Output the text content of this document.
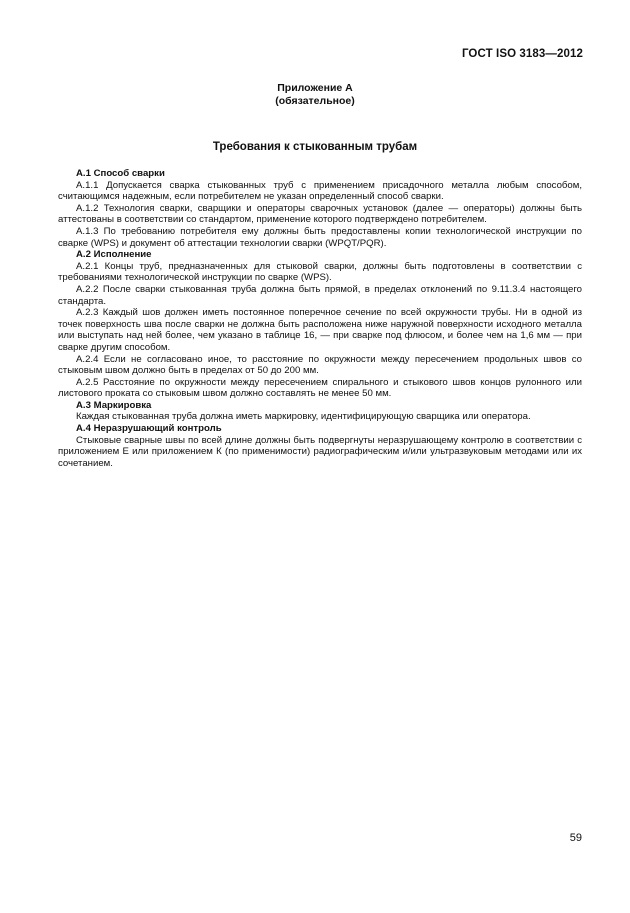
ГОСТ ISO 3183—2012
Приложение А
(обязательное)
Требования к стыкованным трубам
А.1 Способ сварки

А.1.1 Допускается сварка стыкованных труб с применением присадочного металла любым способом, считающимся надежным, если потребителем не указан определенный способ сварки.

А.1.2 Технология сварки, сварщики и операторы сварочных установок (далее — операторы) должны быть аттестованы в соответствии со стандартом, применение которого подтверждено потребителем.

А.1.3 По требованию потребителя ему должны быть предоставлены копии технологической инструкции по сварке (WPS) и документ об аттестации технологии сварки (WPQT/PQR).

А.2 Исполнение

А.2.1 Концы труб, предназначенных для стыковой сварки, должны быть подготовлены в соответствии с требованиями технологической инструкции по сварке (WPS).

А.2.2 После сварки стыкованная труба должна быть прямой, в пределах отклонений по 9.11.3.4 настоящего стандарта.

А.2.3 Каждый шов должен иметь постоянное поперечное сечение по всей окружности трубы. Ни в одной из точек поверхность шва после сварки не должна быть расположена ниже наружной поверхности исходного металла или выступать над ней более, чем указано в таблице 16, — при сварке под флюсом, и более чем на 1,6 мм — при сварке другим способом.

А.2.4 Если не согласовано иное, то расстояние по окружности между пересечением продольных швов со стыковым швом должно быть в пределах от 50 до 200 мм.

А.2.5 Расстояние по окружности между пересечением спирального и стыкового швов концов рулонного или листового проката со стыковым швом должно составлять не менее 50 мм.

А.3 Маркировка

Каждая стыкованная труба должна иметь маркировку, идентифицирующую сварщика или оператора.

А.4 Неразрушающий контроль

Стыковые сварные швы по всей длине должны быть подвергнуты неразрушающему контролю в соответствии с приложением Е или приложением К (по применимости) радиографическим и/или ультразвуковым методами или их сочетанием.

59
